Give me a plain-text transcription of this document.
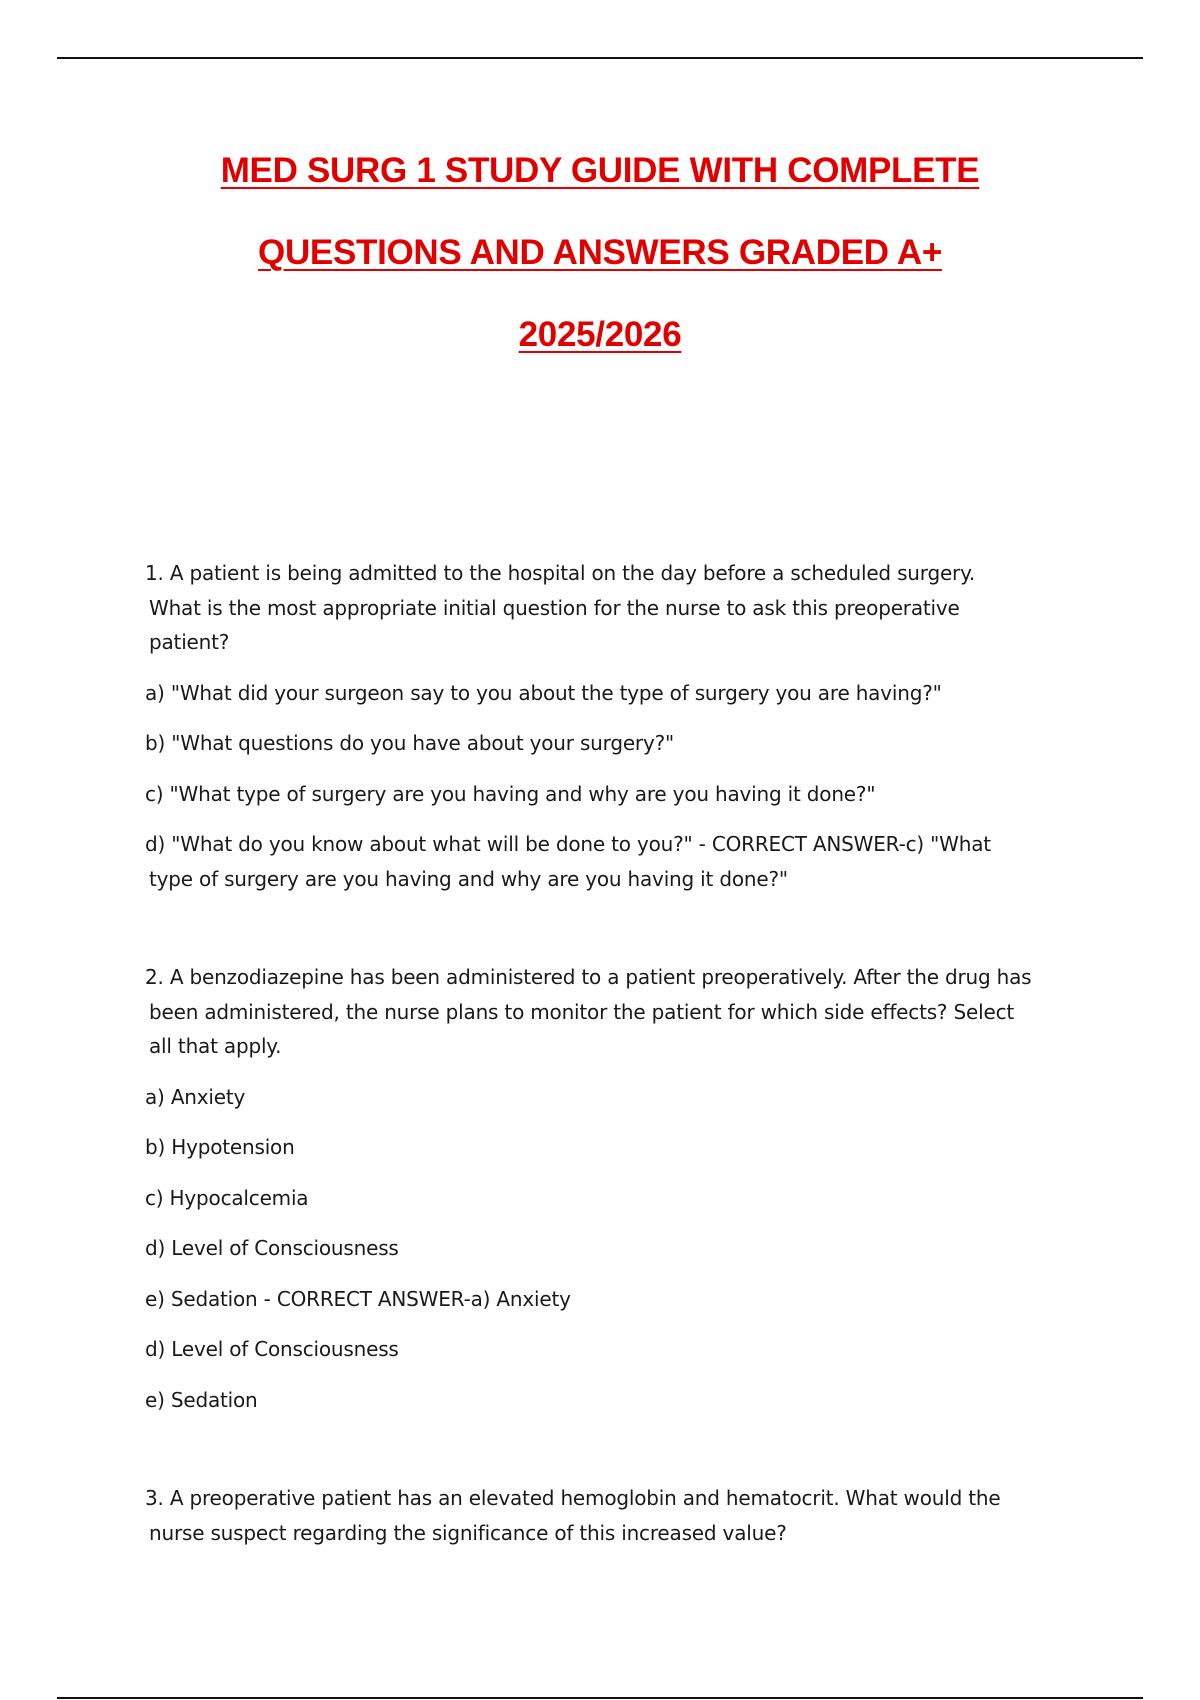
MED SURG 1 STUDY GUIDE WITH COMPLETE
QUESTIONS AND ANSWERS GRADED A+
2025/2026
1. A patient is being admitted to the hospital on the day before a scheduled surgery.
What is the most appropriate initial question for the nurse to ask this preoperative
patient?
a) "What did your surgeon say to you about the type of surgery you are having?"
b) "What questions do you have about your surgery?"
c) "What type of surgery are you having and why are you having it done?"
d) "What do you know about what will be done to you?" - CORRECT ANSWER-c) "What
type of surgery are you having and why are you having it done?"
2. A benzodiazepine has been administered to a patient preoperatively. After the drug has
been administered, the nurse plans to monitor the patient for which side effects? Select
all that apply.
a) Anxiety
b) Hypotension
c) Hypocalcemia
d) Level of Consciousness
e) Sedation - CORRECT ANSWER-a) Anxiety
d) Level of Consciousness
e) Sedation
3. A preoperative patient has an elevated hemoglobin and hematocrit. What would the
nurse suspect regarding the significance of this increased value?
